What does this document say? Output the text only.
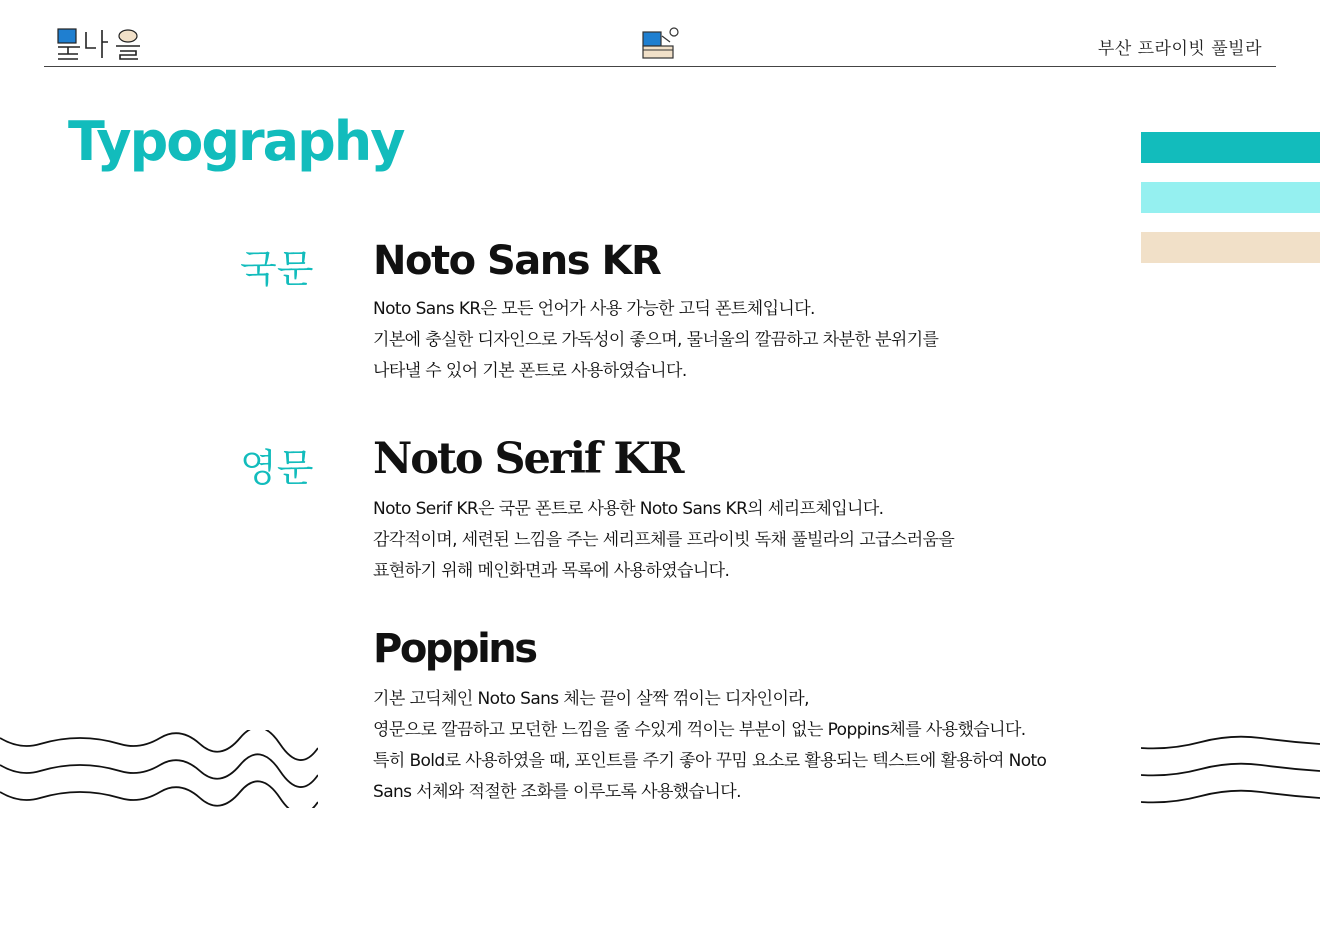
부산 프라이빗 풀빌라
Typography
국문 Noto Sans KR
Noto Sans KR은 모든 언어가 사용 가능한 고딕 폰트체입니다.
기본에 충실한 디자인으로 가독성이 좋으며, 물너울의 깔끔하고 차분한 분위기를
나타낼 수 있어 기본 폰트로 사용하였습니다.
영문 Noto Serif KR
Noto Serif KR은 국문 폰트로 사용한 Noto Sans KR의 세리프체입니다.
감각적이며, 세련된 느낌을 주는 세리프체를 프라이빗 독채 풀빌라의 고급스러움을
표현하기 위해 메인화면과 목록에 사용하였습니다.
Poppins
기본 고딕체인 Noto Sans 체는 끝이 살짝 꺾이는 디자인이라,
영문으로 깔끔하고 모던한 느낌을 줄 수있게 꺽이는 부분이 없는 Poppins체를 사용했습니다.
특히 Bold로 사용하였을 때, 포인트를 주기 좋아 꾸밈 요소로 활용되는 텍스트에 활용하여 Noto
Sans 서체와 적절한 조화를 이루도록 사용했습니다.
